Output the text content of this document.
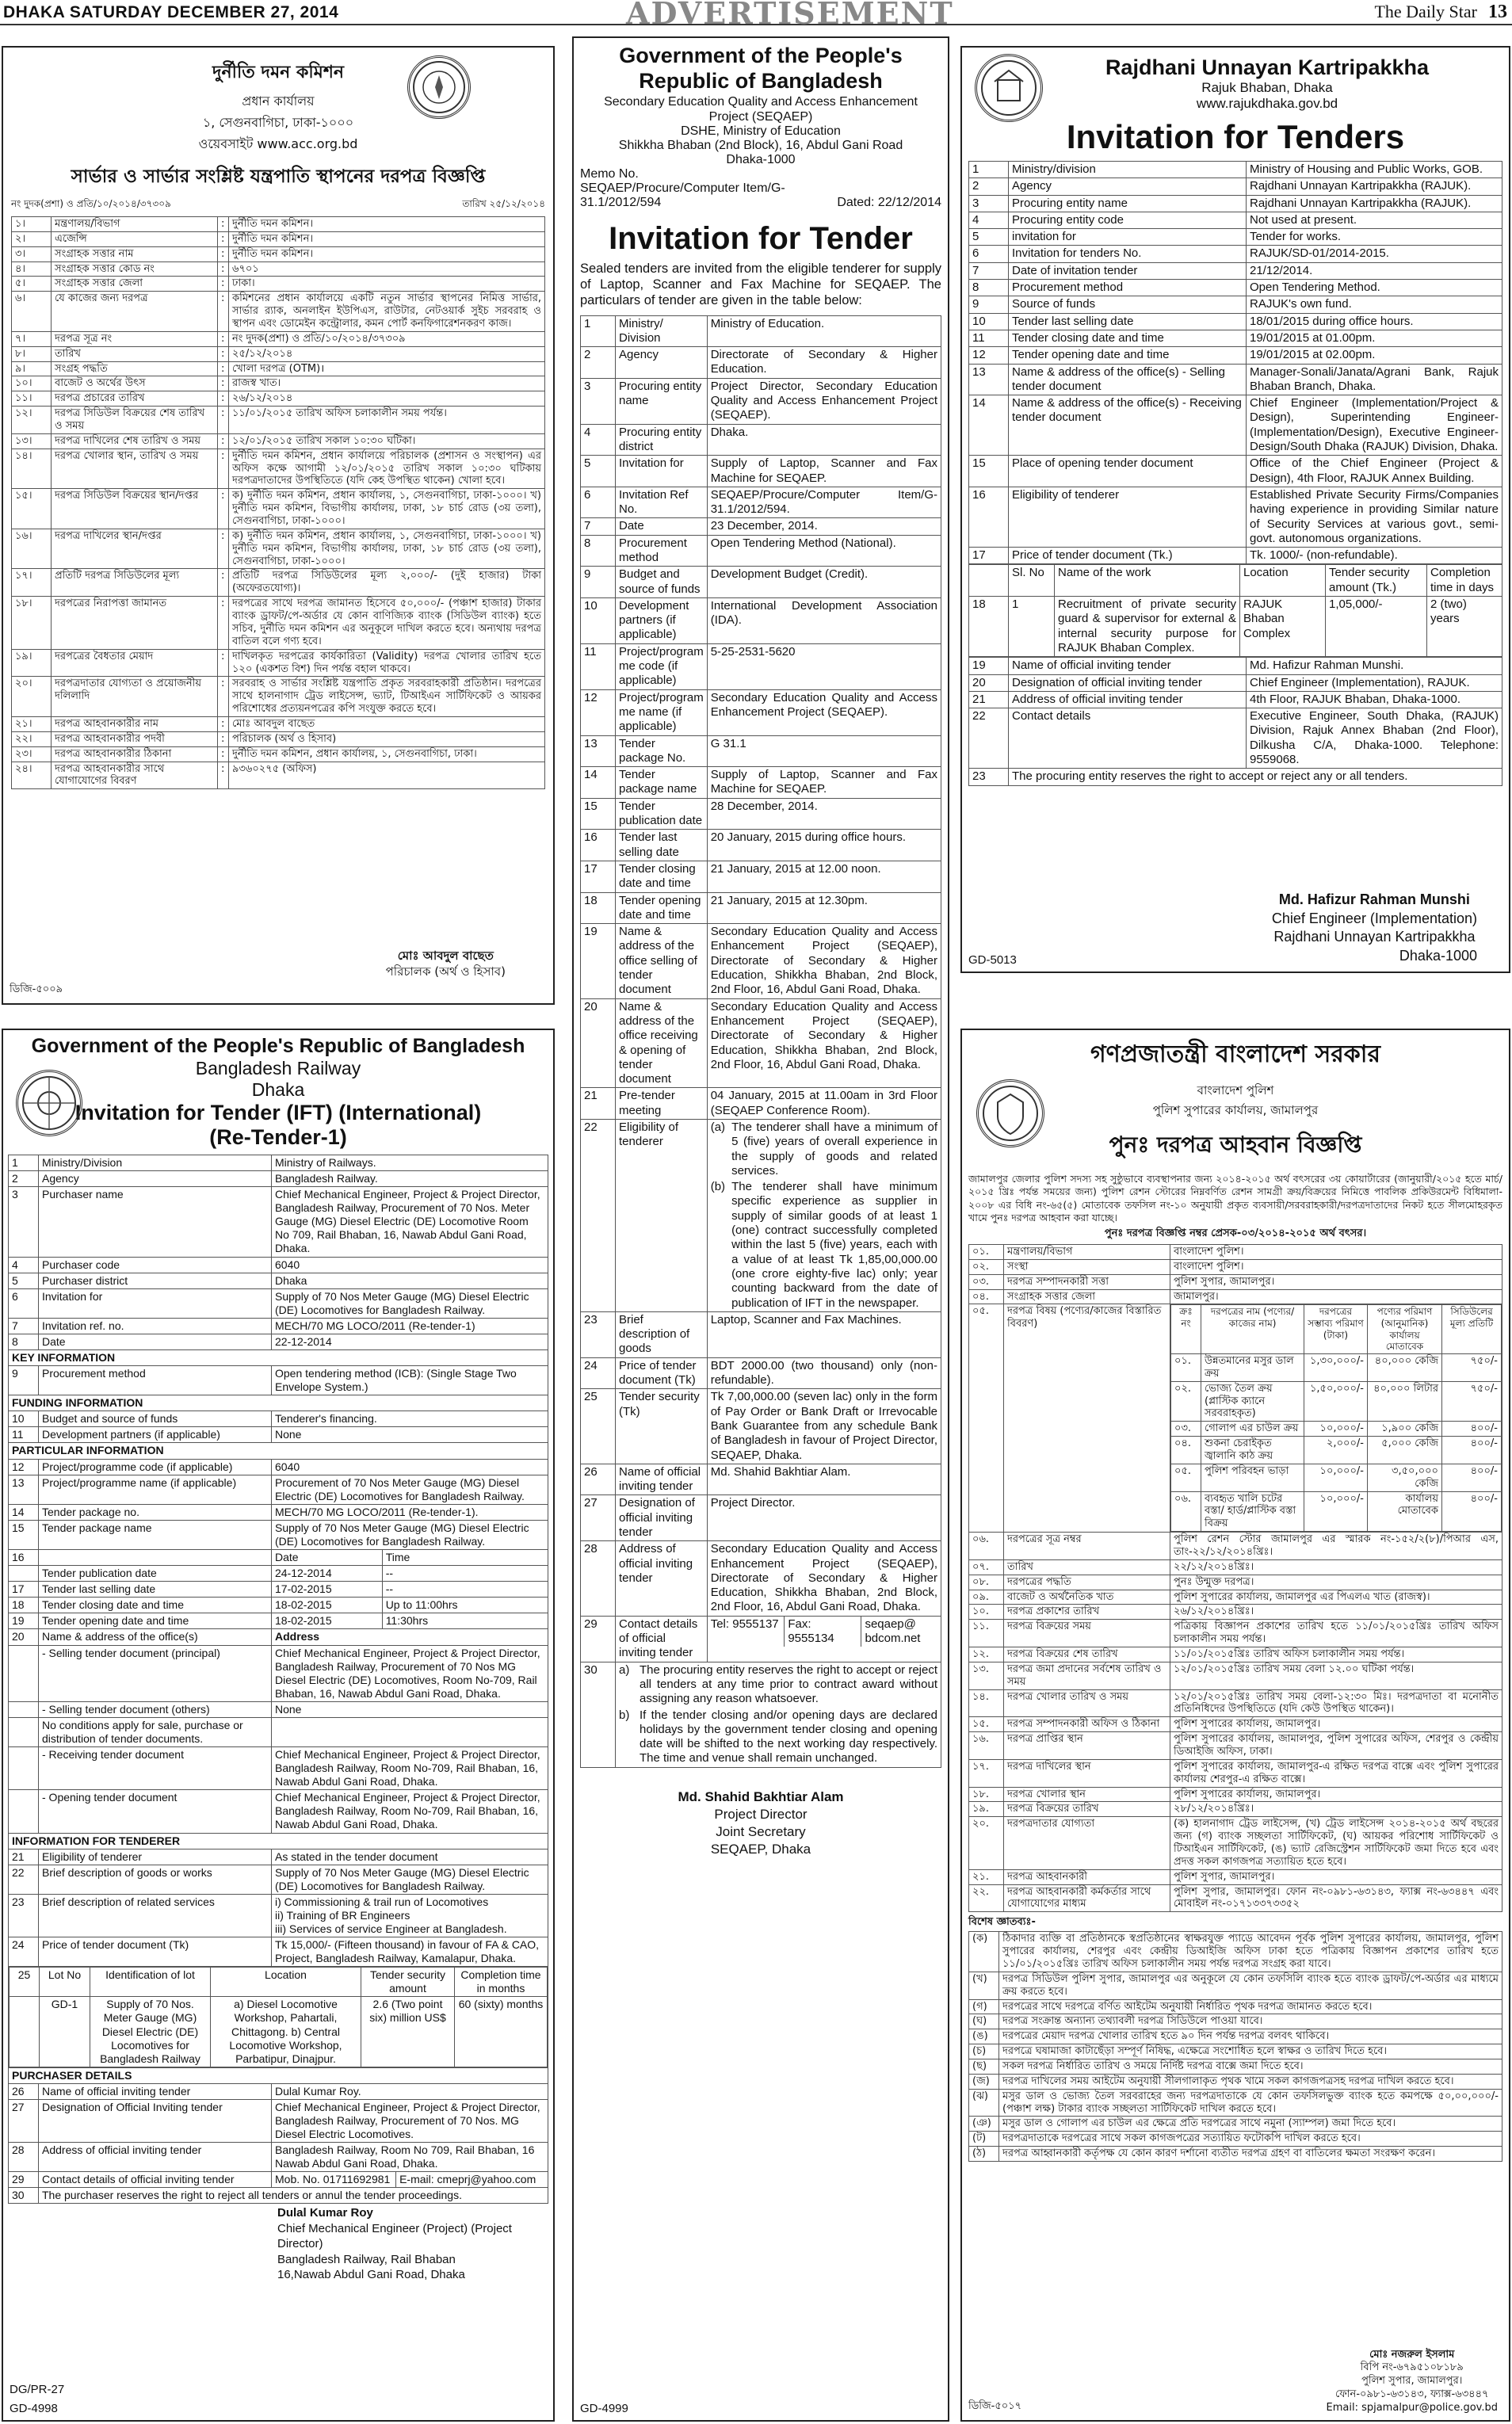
DHAKA SATURDAY DECEMBER 27, 2014	ADVERTISEMENT	The Daily Star 13
দুর্নীতি দমন কমিশন
প্রধান কার্যালয়
১, সেগুনবাগিচা, ঢাকা-১০০০
ওয়েবসাইট www.acc.org.bd
সার্ভার ও সার্ভার সংশ্লিষ্ট যন্ত্রপাতি স্থাপনের দরপত্র বিজ্ঞপ্তি
নং দুদক(প্রশা) ও প্রতি/১০/২০১৪/৩৭৩০৯	তারিখ ২৫/১২/২০১৪
১।	মন্ত্রণালয়/বিভাগ	:	দুর্নীতি দমন কমিশন।
২।	এজেন্সি	:	দুর্নীতি দমন কমিশন।
৩।	সংগ্রাহক সত্তার নাম	:	দুর্নীতি দমন কমিশন।
৪।	সংগ্রাহক সত্তার কোড নং	:	৬৭০১
৫।	সংগ্রাহক সত্তার জেলা	:	ঢাকা।
৬।	যে কাজের জন্য দরপত্র	:	কমিশনের প্রধান কার্যালয়ে একটি নতুন সার্ভার স্থাপনের নিমিত্ত সার্ভার, সার্ভার র‍্যাক, অনলাইন ইউপিএস, রাউটার, নেটওয়ার্ক সুইচ সরবরাহ ও স্থাপন এবং ডোমেইন কন্ট্রোলার, কমন পোর্ট কনফিগারেশনকরণ কাজ।
৭।	দরপত্র সূত্র নং	:	নং দুদক(প্রশা) ও প্রতি/১০/২০১৪/৩৭৩০৯
৮।	তারিখ	:	২৫/১২/২০১৪
৯।	সংগ্রহ পদ্ধতি	:	খোলা দরপত্র (OTM)।
১০।	বাজেট ও অর্থের উৎস	:	রাজস্ব খাত।
১১।	দরপত্র প্রচারের তারিখ	:	২৬/১২/২০১৪
১২।	দরপত্র সিডিউল বিক্রয়ের শেষ তারিখ ও সময়	:	১১/০১/২০১৫ তারিখ অফিস চলাকালীন সময় পর্যন্ত।
১৩।	দরপত্র দাখিলের শেষ তারিখ ও সময়	:	১২/০১/২০১৫ তারিখ সকাল ১০:৩০ ঘটিকা।
১৪।	দরপত্র খোলার স্থান, তারিখ ও সময়	:	দুর্নীতি দমন কমিশন, প্রধান কার্যালয়ে পরিচালক (প্রশাসন ও সংস্থাপন) এর অফিস কক্ষে আগামী ১২/০১/২০১৫ তারিখ সকাল ১০:৩০ ঘটিকায় দরপত্রদাতাদের উপস্থিতিতে (যদি কেহ উপস্থিত থাকেন) খোলা হবে।
১৫।	দরপত্র সিডিউল বিক্রয়ের স্থান/দপ্তর	:	ক) দুর্নীতি দমন কমিশন, প্রধান কার্যালয়, ১, সেগুনবাগিচা, ঢাকা-১০০০। খ) দুর্নীতি দমন কমিশন, বিভাগীয় কার্যালয়, ঢাকা, ১৮ চার্চ রোড (৩য় তলা), সেগুনবাগিচা, ঢাকা-১০০০।
১৬।	দরপত্র দাখিলের স্থান/দপ্তর	:	ক) দুর্নীতি দমন কমিশন, প্রধান কার্যালয়, ১, সেগুনবাগিচা, ঢাকা-১০০০। খ) দুর্নীতি দমন কমিশন, বিভাগীয় কার্যালয়, ঢাকা, ১৮ চার্চ রোড (৩য় তলা), সেগুনবাগিচা, ঢাকা-১০০০।
১৭।	প্রতিটি দরপত্র সিডিউলের মূল্য	:	প্রতিটি দরপত্র সিডিউলের মূল্য ২,০০০/- (দুই হাজার) টাকা (অফেরতযোগ্য)।
১৮।	দরপত্রের নিরাপত্তা জামানত	:	দরপত্রের সাথে দরপত্র জামানত হিসেবে ৫০,০০০/- (পঞ্চাশ হাজার) টাকার ব্যাংক ড্রাফট/পে-অর্ডার যে কোন বাণিজ্যিক ব্যাংক (সিডিউল ব্যাংক) হতে সচিব, দুর্নীতি দমন কমিশন এর অনুকূলে দাখিল করতে হবে। অন্যথায় দরপত্র বাতিল বলে গণ্য হবে।
১৯।	দরপত্রের বৈধতার মেয়াদ	:	দাখিলকৃত দরপত্রের কার্যকারিতা (Validity) দরপত্র খোলার তারিখ হতে ১২০ (একশত বিশ) দিন পর্যন্ত বহাল থাকবে।
২০।	দরপত্রদাতার যোগ্যতা ও প্রয়োজনীয় দলিলাদি	:	সরবরাহ ও সার্ভার সংশ্লিষ্ট যন্ত্রপাতি প্রকৃত সরবরাহকারী প্রতিষ্ঠান। দরপত্রের সাথে হালনাগাদ ট্রেড লাইসেন্স, ভ্যাট, টিআইএন সার্টিফিকেট ও আয়কর পরিশোধের প্রত্যয়নপত্রের কপি সংযুক্ত করতে হবে।
২১।	দরপত্র আহবানকারীর নাম	:	মোঃ আবদুল বাছেত
২২।	দরপত্র আহবানকারীর পদবী	:	পরিচালক (অর্থ ও হিসাব)
২৩।	দরপত্র আহবানকারীর ঠিকানা	:	দুর্নীতি দমন কমিশন, প্রধান কার্যালয়, ১, সেগুনবাগিচা, ঢাকা।
২৪।	দরপত্র আহবানকারীর সাথে যোগাযোগের বিবরণ	:	৯৩৬০২৭৫ (অফিস)
মোঃ আবদুল বাছেত
পরিচালক (অর্থ ও হিসাব)
ডিজি-৫০০৯
Government of the People's Republic of Bangladesh
Secondary Education Quality and Access Enhancement Project (SEQAEP)
DSHE, Ministry of Education
Shikkha Bhaban (2nd Block), 16, Abdul Gani Road
Dhaka-1000
Memo No. SEQAEP/Procure/Computer Item/G-31.1/2012/594	Dated: 22/12/2014
Invitation for Tender
Sealed tenders are invited from the eligible tenderer for supply of Laptop, Scanner and Fax Machine for SEQAEP. The particulars of tender are given in the table below:
1	Ministry/ Division	Ministry of Education.
2	Agency	Directorate of Secondary & Higher Education.
3	Procuring entity name	Project Director, Secondary Education Quality and Access Enhancement Project (SEQAEP).
4	Procuring entity district	Dhaka.
5	Invitation for	Supply of Laptop, Scanner and Fax Machine for SEQAEP.
6	Invitation Ref No.	SEQAEP/Procure/Computer Item/G-31.1/2012/594.
7	Date	23 December, 2014.
8	Procurement method	Open Tendering Method (National).
9	Budget and source of funds	Development Budget (Credit).
10	Development partners (if applicable)	International Development Association (IDA).
11	Project/program me code (if applicable)	5-25-2531-5620
12	Project/program me name (if applicable)	Secondary Education Quality and Access Enhancement Project (SEQAEP).
13	Tender package No.	G 31.1
14	Tender package name	Supply of Laptop, Scanner and Fax Machine for SEQAEP.
15	Tender publication date	28 December, 2014.
16	Tender last selling date	20 January, 2015 during office hours.
17	Tender closing date and time	21 January, 2015 at 12.00 noon.
18	Tender opening date and time	21 January, 2015 at 12.30pm.
19	Name & address of the office selling of tender document	Secondary Education Quality and Access Enhancement Project (SEQAEP), Directorate of Secondary & Higher Education, Shikkha Bhaban, 2nd Block, 2nd Floor, 16, Abdul Gani Road, Dhaka.
20	Name & address of the office receiving & opening of tender document	Secondary Education Quality and Access Enhancement Project (SEQAEP), Directorate of Secondary & Higher Education, Shikkha Bhaban, 2nd Block, 2nd Floor, 16, Abdul Gani Road, Dhaka.
21	Pre-tender meeting	04 January, 2015 at 11.00am in 3rd Floor (SEQAEP Conference Room).
22	Eligibility of tenderer	
(a)	The tenderer shall have a minimum of 5 (five) years of overall experience in the supply of goods and related services.
(b)	The tenderer shall have minimum specific experience as supplier in supply of similar goods of at least 1 (one) contract successfully completed within the last 5 (five) years, each with a value of at least Tk 1,85,00,000.00 (one crore eighty-five lac) only; year counting backward from the date of publication of IFT in the newspaper.

23	Brief description of goods	Laptop, Scanner and Fax Machines.
24	Price of tender document (Tk)	BDT 2000.00 (two thousand) only (non-refundable).
25	Tender security (Tk)	Tk 7,00,000.00 (seven lac) only in the form of Pay Order or Bank Draft or Irrevocable Bank Guarantee from any schedule Bank of Bangladesh in favour of Project Director, SEQAEP, Dhaka.
26	Name of official inviting tender	Md. Shahid Bakhtiar Alam.
27	Designation of official inviting tender	Project Director.
28	Address of official inviting tender	Secondary Education Quality and Access Enhancement Project (SEQAEP), Directorate of Secondary & Higher Education, Shikkha Bhaban, 2nd Block, 2nd Floor, 16, Abdul Gani Road, Dhaka.
29	Contact details of official inviting tender	
Tel: 9555137	Fax: 9555134	seqaep@ bdcom.net

30	a)	The procuring entity reserves the right to accept or reject all tenders at any time prior to contract award without assigning any reason whatsoever.
b)	If the tender closing and/or opening days are declared holidays by the government tender closing and opening date will be shifted to the next working day respectively. The time and venue shall remain unchanged.
Md. Shahid Bakhtiar Alam
Project Director
Joint Secretary
SEQAEP, Dhaka
GD-4999
Rajdhani Unnayan Kartripakkha
Rajuk Bhaban, Dhaka
www.rajukdhaka.gov.bd
Invitation for Tenders
1	Ministry/division	Ministry of Housing and Public Works, GOB.
2	Agency	Rajdhani Unnayan Kartripakkha (RAJUK).
3	Procuring entity name	Rajdhani Unnayan Kartripakkha (RAJUK).
4	Procuring entity code	Not used at present.
5	invitation for	Tender for works.
6	Invitation for tenders No.	RAJUK/SD-01/2014-2015.
7	Date of invitation tender	21/12/2014.
8	Procurement method	Open Tendering Method.
9	Source of funds	RAJUK's own fund.
10	Tender last selling date	18/01/2015 during office hours.
11	Tender closing date and time	19/01/2015 at 01.00pm.
12	Tender opening date and time	19/01/2015 at 02.00pm.
13	Name & address of the office(s) - Selling tender document	Manager-Sonali/Janata/Agrani Bank, Rajuk Bhaban Branch, Dhaka.
14	Name & address of the office(s) - Receiving tender document	Chief Engineer (Implementation/Project & Design), Superintending Engineer- (Implementation/Design), Executive Engineer-Design/South Dhaka (RAJUK) Division, Dhaka.
15	Place of opening tender document	Office of the Chief Engineer (Project & Design), 4th Floor, RAJUK Annex Building.
16	Eligibility of tenderer	Established Private Security Firms/Companies having experience in providing Similar nature of Security Services at various govt., semi-govt. autonomous organizations.
17	Price of tender document (Tk.)	Tk. 1000/- (non-refundable).
	Sl. No	Name of the work	Location	Tender security amount (Tk.)	Completion time in days
18	1	Recruitment of private security guard & supervisor for external & internal security purpose for RAJUK Bhaban Complex.	RAJUK Bhaban Complex	1,05,000/-	2 (two) years
19	Name of official inviting tender	Md. Hafizur Rahman Munshi.
20	Designation of official inviting tender	Chief Engineer (Implementation), RAJUK.
21	Address of official inviting tender	4th Floor, RAJUK Bhaban, Dhaka-1000.
22	Contact details	Executive Engineer, South Dhaka, (RAJUK) Division, Rajuk Annex Bhaban (2nd Floor), Dilkusha C/A, Dhaka-1000. Telephone: 9559068.
23	The procuring entity reserves the right to accept or reject any or all tenders.	
Md. Hafizur Rahman Munshi
Chief Engineer (Implementation)
Rajdhani Unnayan Kartripakkha
Dhaka-1000
GD-5013
Government of the People's Republic of Bangladesh
Bangladesh Railway
Dhaka
Invitation for Tender (IFT) (International)
(Re-Tender-1)
1	Ministry/Division	Ministry of Railways.
2	Agency	Bangladesh Railway.
3	Purchaser name	Chief Mechanical Engineer, Project & Project Director, Bangladesh Railway, Procurement of 70 Nos. Meter Gauge (MG) Diesel Electric (DE) Locomotive Room No 709, Rail Bhaban, 16, Nawab Abdul Gani Road, Dhaka.
4	Purchaser code	6040
5	Purchaser district	Dhaka
6	Invitation for	Supply of 70 Nos Meter Gauge (MG) Diesel Electric (DE) Locomotives for Bangladesh Railway.
7	Invitation ref. no.	MECH/70 MG LOCO/2011 (Re-tender-1)
8	Date	22-12-2014
KEY INFORMATION
9	Procurement method	Open tendering method (ICB): (Single Stage Two Envelope System.)
FUNDING INFORMATION
10	Budget and source of funds	Tenderer's financing.
11	Development partners (if applicable)	None
PARTICULAR INFORMATION
12	Project/programme code (if applicable)	6040
13	Project/programme name (if applicable)	Procurement of 70 Nos Meter Gauge (MG) Diesel Electric (DE) Locomotives for Bangladesh Railway.
14	Tender package no.	MECH/70 MG LOCO/2011 (Re-tender-1).
15	Tender package name	Supply of 70 Nos Meter Gauge (MG) Diesel Electric (DE) Locomotives for Bangladesh Railway.
16			Date	Time

	Tender publication date		24-12-2014	--

17	Tender last selling date		17-02-2015	--

18	Tender closing date and time		18-02-2015	Up to 11:00hrs

19	Tender opening date and time		18-02-2015	11:30hrs

20	Name & address of the office(s)	Address
	- Selling tender document (principal)	Chief Mechanical Engineer, Project & Project Director, Bangladesh Railway, Procurement of 70 Nos MG Diesel Electric (DE) Locomotives, Room No-709, Rail Bhaban, 16, Nawab Abdul Gani Road, Dhaka.
	- Selling tender document (others)	None
	No conditions apply for sale, purchase or distribution of tender documents.	
	- Receiving tender document	Chief Mechanical Engineer, Project & Project Director, Bangladesh Railway, Room No-709, Rail Bhaban, 16, Nawab Abdul Gani Road, Dhaka.
	- Opening tender document	Chief Mechanical Engineer, Project & Project Director, Bangladesh Railway, Room No-709, Rail Bhaban, 16, Nawab Abdul Gani Road, Dhaka.
INFORMATION FOR TENDERER
21	Eligibility of tenderer	As stated in the tender document
22	Brief description of goods or works	Supply of 70 Nos Meter Gauge (MG) Diesel Electric (DE) Locomotives for Bangladesh Railway.
23	Brief description of related services	i) Commissioning & trail run of Locomotives
ii) Training of BR Engineers
iii) Services of service Engineer at Bangladesh.

24	Price of tender document (Tk)	Tk 15,000/- (Fifteen thousand) in favour of FA & CAO, Project, Bangladesh Railway, Kamalapur, Dhaka.

25	Lot No	Identification of lot	Location	Tender security amount	Completion time in months
	GD-1	Supply of 70 Nos. Meter Gauge (MG) Diesel Electric (DE) Locomotives for Bangladesh Railway	a) Diesel Locomotive Workshop, Pahartali, Chittagong. b) Central Locomotive Workshop, Parbatipur, Dinajpur.	2.6 (Two point six) million US$	60 (sixty) months

PURCHASER DETAILS
26	Name of official inviting tender	Dulal Kumar Roy.
27	Designation of Official Inviting tender	Chief Mechanical Engineer, Project & Project Director, Bangladesh Railway, Procurement of 70 Nos. MG Diesel Electric Locomotives.
28	Address of official inviting tender	Bangladesh Railway, Room No 709, Rail Bhaban, 16 Nawab Abdul Gani Road, Dhaka.
29	Contact details of official inviting tender		Mob. No. 01711692981	E-mail: cmeprj@yahoo.com

30	The purchaser reserves the right to reject all tenders or annul the tender proceedings.
Dulal Kumar Roy
Chief Mechanical Engineer (Project) (Project Director)
Bangladesh Railway, Rail Bhaban
16,Nawab Abdul Gani Road, Dhaka
DG/PR-27
GD-4998
গণপ্রজাতন্ত্রী বাংলাদেশ সরকার
বাংলাদেশ পুলিশ
পুলিশ সুপারের কার্যালয়, জামালপুর
পুনঃ দরপত্র আহবান বিজ্ঞপ্তি
জামালপুর জেলার পুলিশ সদস্য সহ সুষ্ঠুভাবে ব্যবস্থাপনার জন্য ২০১৪-২০১৫ অর্থ বৎসরের ৩য় কোয়ার্টারের (জানুয়ারী/২০১৫ হতে মার্চ/২০১৫ খ্রিঃ পর্যন্ত সময়ের জন্য) পুলিশ রেশন স্টোরের নিম্নবর্ণিত রেশন সামগ্রী ক্রয়/বিক্রয়ের নিমিত্তে পাবলিক প্রকিউরমেন্ট বিধিমালা- ২০০৮ এর বিধি নং-৬৫(৫) মোতাবেক তফসিল নং-১০ অনুযায়ী প্রকৃত ব্যবসায়ী/সরবরাহকারী/দরপত্রদাতাদের নিকট হতে সীলমোহরকৃত খামে পুনঃ দরপত্র আহবান করা যাচ্ছে।
পুনঃ দরপত্র বিজ্ঞপ্তি নম্বর প্রেসক-০৩/২০১৪-২০১৫ অর্থ বৎসর।
০১.	মন্ত্রণালয়/বিভাগ	বাংলাদেশ পুলিশ।
০২.	সংস্থা	বাংলাদেশ পুলিশ।
০৩.	দরপত্র সম্পাদনকারী সত্তা	পুলিশ সুপার, জামালপুর।
০৪.	সংগ্রাহক সত্তার জেলা	জামালপুর।
০৫.	দরপত্র বিষয় (পণ্যের/কাজের বিস্তারিত বিবরণ)	
ক্রঃ নং	দরপত্রের নাম (পণ্যের/কাজের নাম)	দরপত্রের সম্ভাব্য পরিমাণ (টাকা)	পণ্যের পরিমাণ (আনুমানিক) কার্যালয় মোতাবেক	সিডিউলের মূল্য প্রতিটি
০১.	উন্নতমানের মসুর ডাল ক্রয়	১,৩০,০০০/-	৪০,০০০ কেজি	৭৫০/-
০২.	ভোজ্য তৈল ক্রয় (প্লাস্টিক ক্যানে সরবরাহকৃত)	১,৫০,০০০/-	৪০,০০০ লিটার	৭৫০/-
০৩.	গোলাপ এর চাউল ক্রয়	১০,০০০/-	১,৯০০ কেজি	৪০০/-
০৪.	শুকনা চেরাইকৃত জ্বালানি কাঠ ক্রয়	২,০০০/-	৫,০০০ কেজি	৪০০/-
০৫.	পুলিশ পরিবহন ভাড়া	১০,০০০/-	৩,৫০,০০০ কেজি	৪০০/-
০৬.	ব্যবহৃত খালি চটের বস্তা/ হার্ড/প্লাস্টিক বস্তা বিক্রয়	১০,০০০/-	কার্যালয় মোতাবেক	৪০০/-

০৬.	দরপত্রের সূত্র নম্বর	পুলিশ রেশন স্টোর জামালপুর এর স্মারক নং-১৫২/২(৮)/পিআর এস, তাং-২২/১২/২০১৪খ্রিঃ।
০৭.	তারিখ	২২/১২/২০১৪খ্রিঃ।
০৮.	দরপত্রের পদ্ধতি	পুনঃ উন্মুক্ত দরপত্র।
০৯.	বাজেট ও অর্থনৈতিক খাত	পুলিশ সুপারের কার্যালয়, জামালপুর এর পিএলএ খাত (রাজস্ব)।
১০.	দরপত্র প্রকাশের তারিখ	২৬/১২/২০১৪খ্রিঃ।
১১.	দরপত্র বিক্রয়ের সময়	পত্রিকায় বিজ্ঞাপন প্রকাশের তারিখ হতে ১১/০১/২০১৫খ্রিঃ তারিখ অফিস চলাকালীন সময় পর্যন্ত।
১২.	দরপত্র বিক্রয়ের শেষ তারিখ	১১/০১/২০১৫খ্রিঃ তারিখ অফিস চলাকালীন সময় পর্যন্ত।
১৩.	দরপত্র জমা প্রদানের সর্বশেষ তারিখ ও সময়	১২/০১/২০১৫খ্রিঃ তারিখ সময় বেলা ১২.০০ ঘটিকা পর্যন্ত।
১৪.	দরপত্র খোলার তারিখ ও সময়	১২/০১/২০১৫খ্রিঃ তারিখ সময় বেলা-১২:৩০ মিঃ। দরপত্রদাতা বা মনোনীত প্রতিনিধিদের উপস্থিতিতে (যদি কেউ উপস্থিত থাকেন)।
১৫.	দরপত্র সম্পাদনকারী অফিস ও ঠিকানা	পুলিশ সুপারের কার্যালয়, জামালপুর।
১৬.	দরপত্র প্রাপ্তির স্থান	পুলিশ সুপারের কার্যালয়, জামালপুর, পুলিশ সুপারের অফিস, শেরপুর ও কেন্দ্রীয় ডিআইজি অফিস, ঢাকা।
১৭.	দরপত্র দাখিলের স্থান	পুলিশ সুপারের কার্যালয়, জামালপুর-এ রক্ষিত দরপত্র বাক্সে এবং পুলিশ সুপারের কার্যালয় শেরপুর-এ রক্ষিত বাক্সে।
১৮.	দরপত্র খোলার স্থান	পুলিশ সুপারের কার্যালয়, জামালপুর।
১৯.	দরপত্র বিক্রয়ের তারিখ	২৮/১২/২০১৪খ্রিঃ।
২০.	দরপত্রদাতার যোগ্যতা	(ক) হালনাগাদ ট্রেড লাইসেন্স, (খ) ট্রেড লাইসেন্স ২০১৪-২০১৫ অর্থ বছরের জন্য (গ) ব্যাংক সচ্ছলতা সার্টিফিকেট, (ঘ) আয়কর পরিশোধ সার্টিফিকেট ও টিআইএন সার্টিফিকেট, (ঙ) ভ্যাট রেজিস্ট্রেশন সার্টিফিকেট জমা দিতে হবে এবং প্রদত্ত সকল কাগজপত্র সত্যায়িত হতে হবে।
২১.	দরপত্র আহবানকারী	পুলিশ সুপার, জামালপুর।
২২.	দরপত্র আহবানকারী কর্মকর্তার সাথে যোগাযোগের মাধ্যম	পুলিশ সুপার, জামালপুর। ফোন নং-০৯৮১-৬৩১৪৩, ফ্যাক্স নং-৬৩৪৪৭ এবং মোবাইল নং-০১৭১৩৩৭৩৩৫২
বিশেষ জ্ঞাতব্যঃ-
(ক)	ঠিকাদার ব্যক্তি বা প্রতিষ্ঠানকে স্বপ্রতিষ্ঠানের স্বাক্ষরযুক্ত প্যাডে আবেদন পূর্বক পুলিশ সুপারের কার্যালয়, জামালপুর, পুলিশ সুপারের কার্যালয়, শেরপুর এবং কেন্দ্রীয় ডিআইজি অফিস ঢাকা হতে পত্রিকায় বিজ্ঞাপন প্রকাশের তারিখ হতে ১১/০১/২০১৫খ্রিঃ তারিখ অফিস চলাকালীন সময় পর্যন্ত দরপত্র সংগ্রহ করা যাবে।
(খ)	দরপত্র সিডিউল পুলিশ সুপার, জামালপুর এর অনুকূলে যে কোন তফসিলি ব্যাংক হতে ব্যাংক ড্রাফট/পে-অর্ডার এর মাধ্যমে ক্রয় করতে হবে।
(গ)	দরপত্রের সাথে দরপত্রে বর্ণিত আইটেম অনুযায়ী নির্ধারিত পৃথক দরপত্র জামানত করতে হবে।
(ঘ)	দরপত্র সংক্রান্ত অন্যান্য তথ্যাবলী দরপত্র সিডিউলে পাওয়া যাবে।
(ঙ)	দরপত্রের মেয়াদ দরপত্র খোলার তারিখ হতে ৯০ দিন পর্যন্ত দরপত্র বলবৎ থাকিবে।
(চ)	দরপত্রে ঘষামাজা কাটাছেঁড়া সম্পূর্ণ নিষিদ্ধ, এক্ষেত্রে সংশোধিত হলে স্বাক্ষর ও তারিখ দিতে হবে।
(ছ)	সকল দরপত্র নির্ধারিত তারিখ ও সময়ে নির্দিষ্ট দরপত্র বাক্সে জমা দিতে হবে।
(জ)	দরপত্র দাখিলের সময় আইটেম অনুযায়ী সীলগালাকৃত পৃথক খামে সকল কাগজপত্রসহ দরপত্র দাখিল করতে হবে।
(ঝ)	মসুর ডাল ও ভোজ্য তৈল সরবরাহের জন্য দরপত্রদাতাকে যে কোন তফসিলভুক্ত ব্যাংক হতে কমপক্ষে ৫০,০০,০০০/- (পঞ্চাশ লক্ষ) টাকার ব্যাংক সচ্ছলতা সার্টিফিকেট দাখিল করতে হবে।
(ঞ)	মসুর ডাল ও গোলাপ এর চাউল এর ক্ষেত্রে প্রতি দরপত্রের সাথে নমুনা (স্যাম্পল) জমা দিতে হবে।
(ট)	দরপত্রদাতাকে দরপত্রের সাথে সকল কাগজপত্রের সত্যায়িত ফটোকপি দাখিল করতে হবে।
(ঠ)	দরপত্র আহ্বানকারী কর্তৃপক্ষ যে কোন কারণ দর্শানো ব্যতীত দরপত্র গ্রহণ বা বাতিলের ক্ষমতা সংরক্ষণ করেন।
মোঃ নজরুল ইসলাম
বিপি নং-৬৭৯৫১০৮১৮৯
পুলিশ সুপার, জামালপুর।
ফোন-০৯৮১-৬৩১৪৩, ফ্যাক্স-৬৩৪৪৭
Email: spjamalpur@police.gov.bd
ডিজি-৫০১৭
